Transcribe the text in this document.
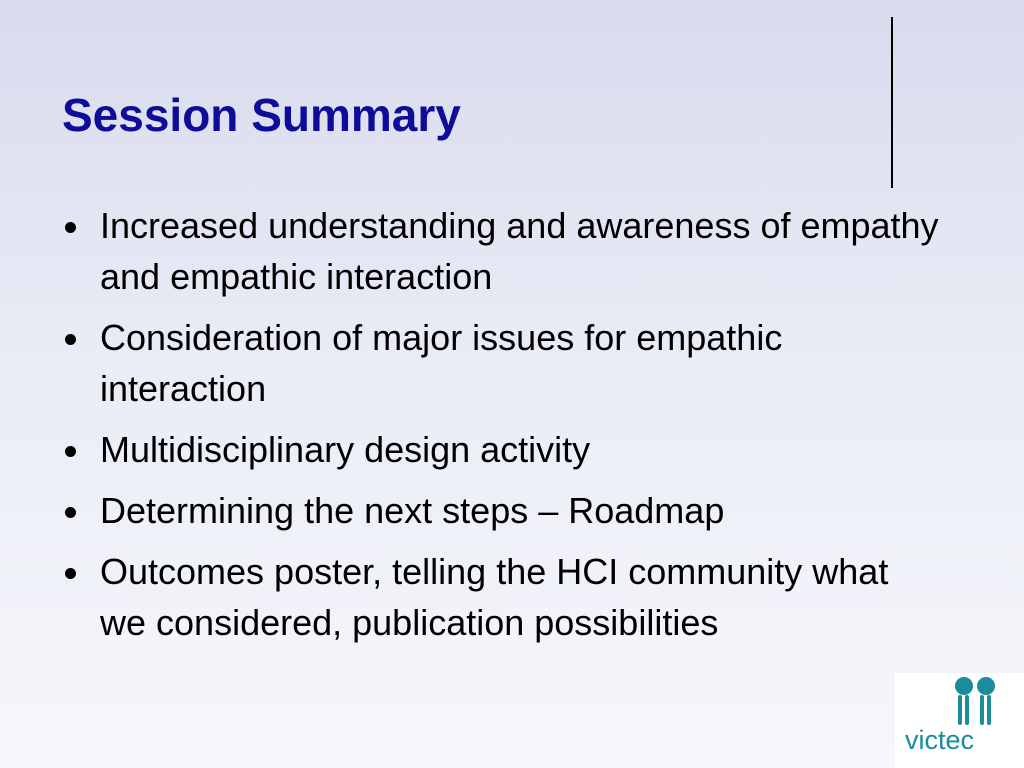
Session Summary
Increased understanding and awareness of empathy and empathic interaction
Consideration of major issues for empathic interaction
Multidisciplinary design activity
Determining the next steps – Roadmap
Outcomes poster, telling the HCI community what we considered, publication possibilities
victec
